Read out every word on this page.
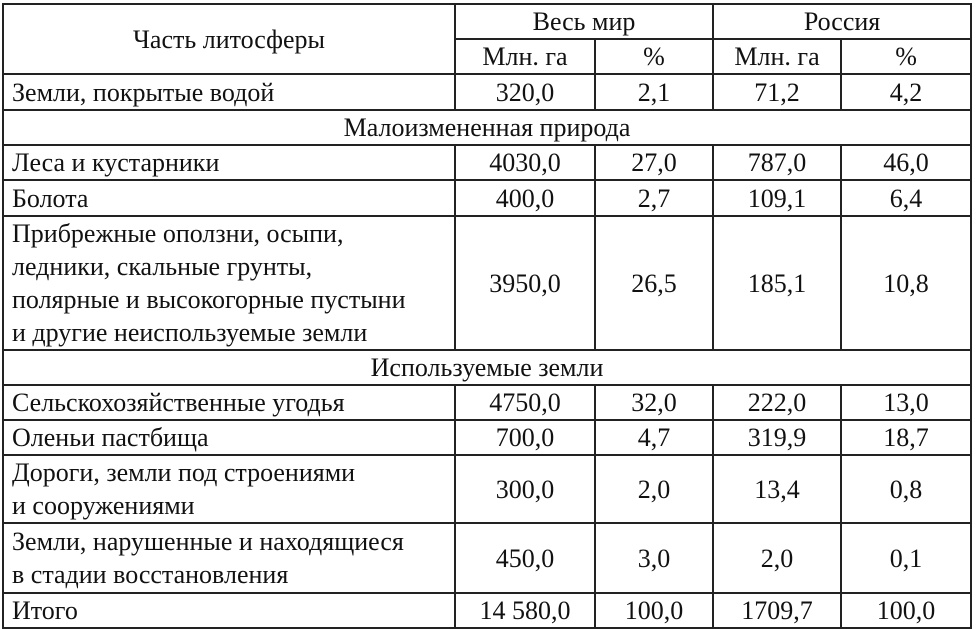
Часть литосферы	Весь мир		Россия	
	Млн. га	%	Млн. га	%
Земли, покрытые водой	320,0	2,1	71,2	4,2
Малоизмененная природа				
Леса и кустарники	4030,0	27,0	787,0	46,0
Болота	400,0	2,7	109,1	6,4

Прибрежные оползни, осыпи,
ледники, скальные грунты,
полярные и высокогорные пустыни
и другие неиспользуемые земли	3950,0	26,5	185,1	10,8
Используемые земли				
Сельскохозяйственные угодья	4750,0	32,0	222,0	13,0
Оленьи пастбища	700,0	4,7	319,9	18,7

Дороги, земли под строениями
и сооружениями	300,0	2,0	13,4	0,8

Земли, нарушенные и находящиеся
в стадии восстановления	450,0	3,0	2,0	0,1
Итого	14 580,0	100,0	1709,7	100,0
